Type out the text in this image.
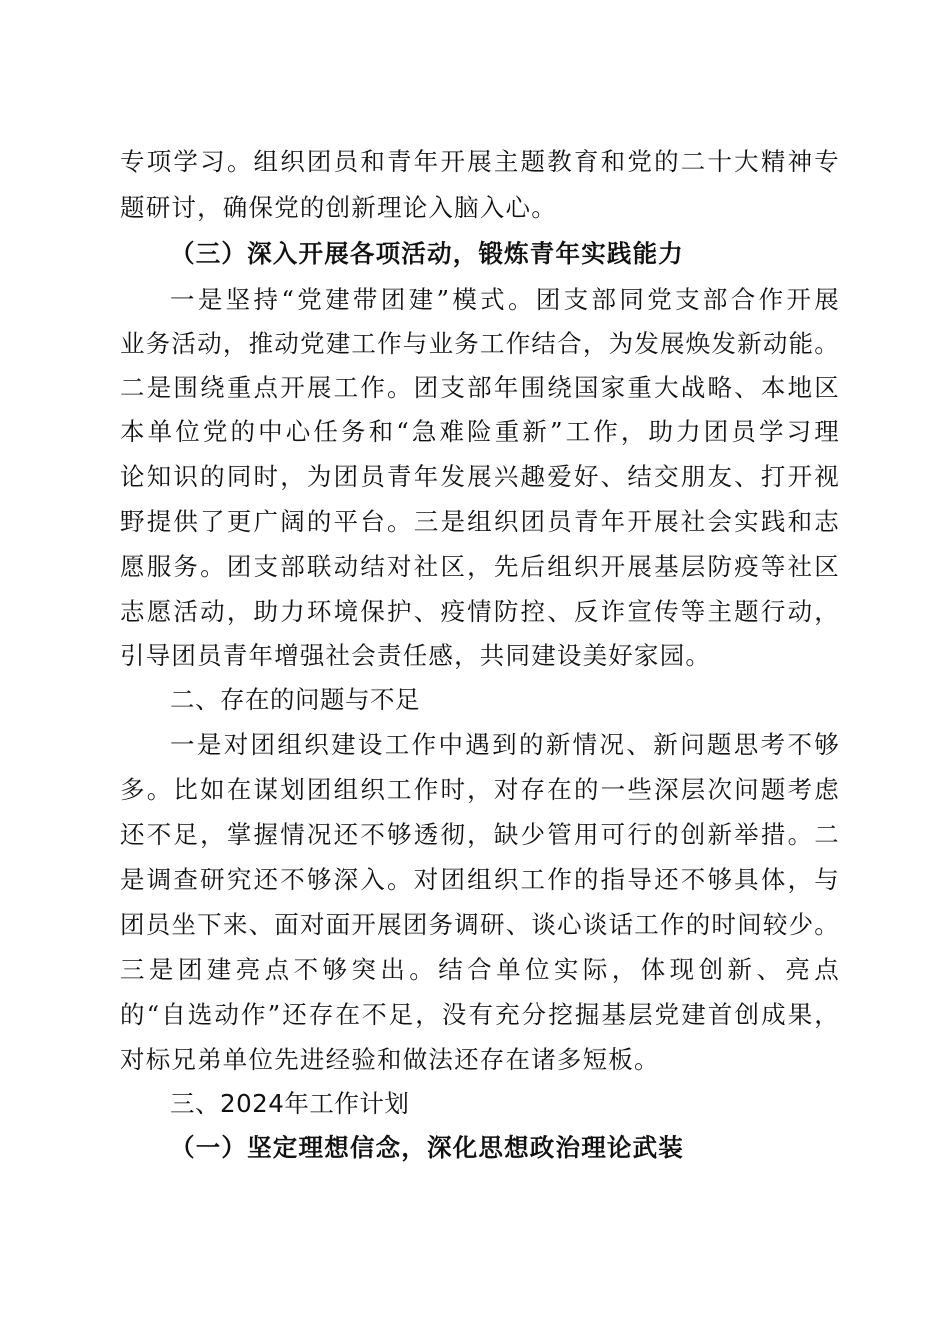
专项学习。组织团员和青年开展主题教育和党的二十大精神专
题研讨，确保党的创新理论入脑入心。
（三）深入开展各项活动，锻炼青年实践能力
一是坚持“党建带团建”模式。团支部同党支部合作开展
业务活动，推动党建工作与业务工作结合，为发展焕发新动能。
二是围绕重点开展工作。团支部年围绕国家重大战略、本地区
本单位党的中心任务和“急难险重新”工作，助力团员学习理
论知识的同时，为团员青年发展兴趣爱好、结交朋友、打开视
野提供了更广阔的平台。三是组织团员青年开展社会实践和志
愿服务。团支部联动结对社区，先后组织开展基层防疫等社区
志愿活动，助力环境保护、疫情防控、反诈宣传等主题行动，
引导团员青年增强社会责任感，共同建设美好家园。
二、存在的问题与不足
一是对团组织建设工作中遇到的新情况、新问题思考不够
多。比如在谋划团组织工作时，对存在的一些深层次问题考虑
还不足，掌握情况还不够透彻，缺少管用可行的创新举措。二
是调查研究还不够深入。对团组织工作的指导还不够具体，与
团员坐下来、面对面开展团务调研、谈心谈话工作的时间较少。
三是团建亮点不够突出。结合单位实际，体现创新、亮点
的“自选动作”还存在不足，没有充分挖掘基层党建首创成果，
对标兄弟单位先进经验和做法还存在诸多短板。
三、2024年工作计划
（一）坚定理想信念，深化思想政治理论武装
